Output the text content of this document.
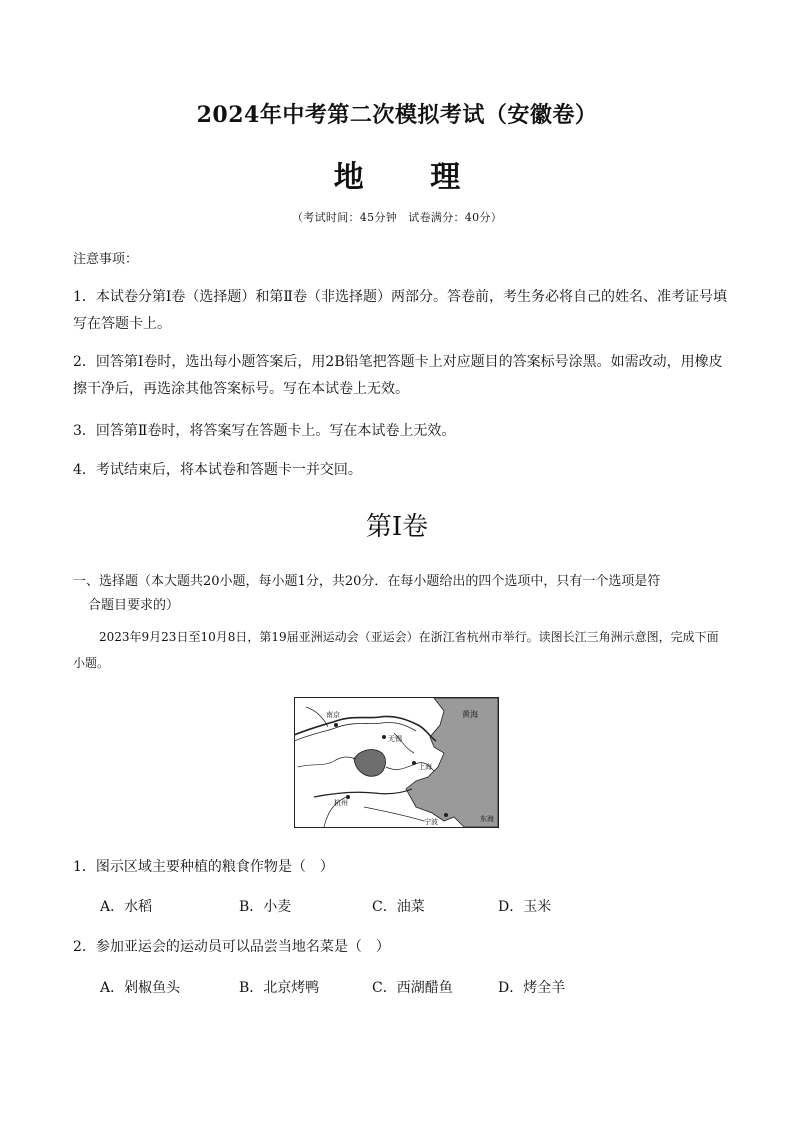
2024年中考第二次模拟考试（安徽卷）
地 理
（考试时间：45分钟　试卷满分：40分）
注意事项：
1．本试卷分第Ⅰ卷（选择题）和第Ⅱ卷（非选择题）两部分。答卷前，考生务必将自己的姓名、准考证号填写在答题卡上。
2．回答第Ⅰ卷时，选出每小题答案后，用2B铅笔把答题卡上对应题目的答案标号涂黑。如需改动，用橡皮擦干净后，再选涂其他答案标号。写在本试卷上无效。
3．回答第Ⅱ卷时，将答案写在答题卡上。写在本试卷上无效。
4．考试结束后，将本试卷和答题卡一并交回。
第Ⅰ卷
一、选择题（本大题共20小题，每小题1分，共20分．在每小题给出的四个选项中，只有一个选项是符
合题目要求的）
2023年9月23日至10月8日，第19届亚洲运动会（亚运会）在浙江省杭州市举行。读图长江三角洲示意图，完成下面小题。
黄海
南京
无锡
上海
杭州
宁波	东海
1．图示区域主要种植的粮食作物是（　）
A．水稻	B．小麦	C．油菜	D．玉米
2．参加亚运会的运动员可以品尝当地名菜是（　）
A．剁椒鱼头	B．北京烤鸭	C．西湖醋鱼	D．烤全羊
